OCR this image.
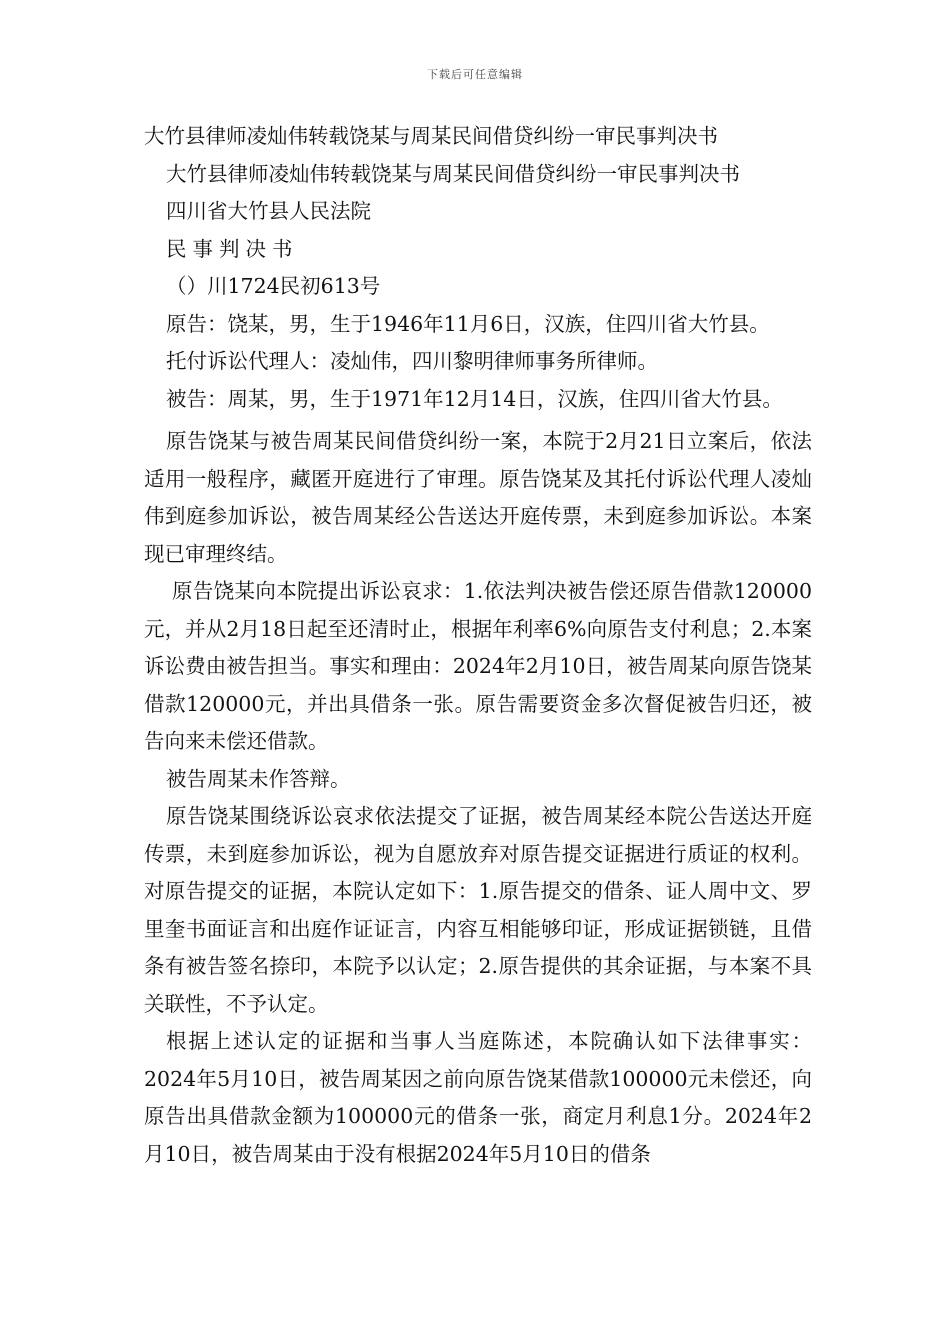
下载后可任意编辑

大竹县律师凌灿伟转载饶某与周某民间借贷纠纷一审民事判决书

大竹县律师凌灿伟转载饶某与周某民间借贷纠纷一审民事判决书

四川省大竹县人民法院

民事判决书

（）川1724民初613号

原告：饶某，男，生于1946年11月6日，汉族，住四川省大竹县。

托付诉讼代理人：凌灿伟，四川黎明律师事务所律师。

被告：周某，男，生于1971年12月14日，汉族，住四川省大竹县。

原告饶某与被告周某民间借贷纠纷一案，本院于2月21日立案后，依法适用一般程序，藏匿开庭进行了审理。原告饶某及其托付诉讼代理人凌灿伟到庭参加诉讼，被告周某经公告送达开庭传票，未到庭参加诉讼。本案现已审理终结。

原告饶某向本院提出诉讼哀求：1.依法判决被告偿还原告借款120000元，并从2月18日起至还清时止，根据年利率6%向原告支付利息；2.本案诉讼费由被告担当。事实和理由：2024年2月10日，被告周某向原告饶某借款120000元，并出具借条一张。原告需要资金多次督促被告归还，被告向来未偿还借款。

被告周某未作答辩。

原告饶某围绕诉讼哀求依法提交了证据，被告周某经本院公告送达开庭传票，未到庭参加诉讼，视为自愿放弃对原告提交证据进行质证的权利。对原告提交的证据，本院认定如下：1.原告提交的借条、证人周中文、罗里奎书面证言和出庭作证证言，内容互相能够印证，形成证据锁链，且借条有被告签名捺印，本院予以认定；2.原告提供的其余证据，与本案不具关联性，不予认定。

根据上述认定的证据和当事人当庭陈述，本院确认如下法律事实：2024年5月10日，被告周某因之前向原告饶某借款100000元未偿还，向原告出具借款金额为100000元的借条一张，商定月利息1分。2024年2月10日，被告周某由于没有根据2024年5月10日的借条
